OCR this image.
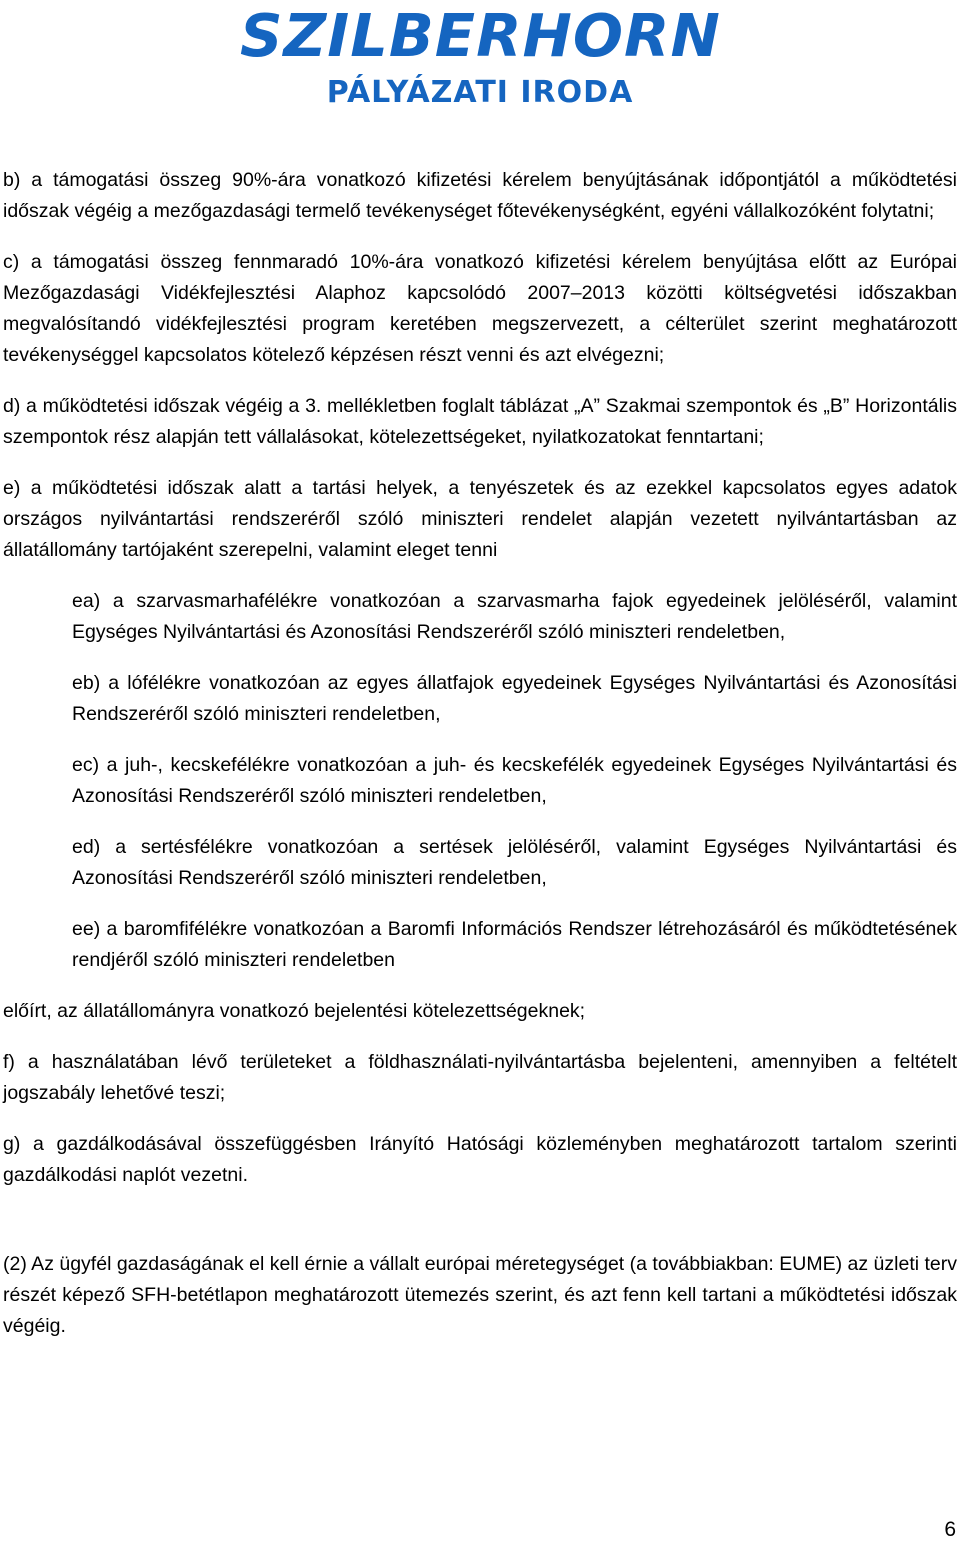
SZILBERHORN
PÁLYÁZATI IRODA

b) a támogatási összeg 90%-ára vonatkozó kifizetési kérelem benyújtásának időpontjától a működtetési időszak végéig a mezőgazdasági termelő tevékenységet főtevékenységként, egyéni vállalkozóként folytatni;

c) a támogatási összeg fennmaradó 10%-ára vonatkozó kifizetési kérelem benyújtása előtt az Európai Mezőgazdasági Vidékfejlesztési Alaphoz kapcsolódó 2007–2013 közötti költségvetési időszakban megvalósítandó vidékfejlesztési program keretében megszervezett, a célterület szerint meghatározott tevékenységgel kapcsolatos kötelező képzésen részt venni és azt elvégezni;

d) a működtetési időszak végéig a 3. mellékletben foglalt táblázat „A” Szakmai szempontok és „B” Horizontális szempontok rész alapján tett vállalásokat, kötelezettségeket, nyilatkozatokat fenntartani;

e) a működtetési időszak alatt a tartási helyek, a tenyészetek és az ezekkel kapcsolatos egyes adatok országos nyilvántartási rendszeréről szóló miniszteri rendelet alapján vezetett nyilvántartásban az állatállomány tartójaként szerepelni, valamint eleget tenni

ea) a szarvasmarhafélékre vonatkozóan a szarvasmarha fajok egyedeinek jelöléséről, valamint Egységes Nyilvántartási és Azonosítási Rendszeréről szóló miniszteri rendeletben,

eb) a lófélékre vonatkozóan az egyes állatfajok egyedeinek Egységes Nyilvántartási és Azonosítási Rendszeréről szóló miniszteri rendeletben,

ec) a juh-, kecskefélékre vonatkozóan a juh- és kecskefélék egyedeinek Egységes Nyilvántartási és Azonosítási Rendszeréről szóló miniszteri rendeletben,

ed) a sertésfélékre vonatkozóan a sertések jelöléséről, valamint Egységes Nyilvántartási és Azonosítási Rendszeréről szóló miniszteri rendeletben,

ee) a baromfifélékre vonatkozóan a Baromfi Információs Rendszer létrehozásáról és működtetésének rendjéről szóló miniszteri rendeletben

előírt, az állatállományra vonatkozó bejelentési kötelezettségeknek;

f) a használatában lévő területeket a földhasználati-nyilvántartásba bejelenteni, amennyiben a feltételt jogszabály lehetővé teszi;

g) a gazdálkodásával összefüggésben Irányító Hatósági közleményben meghatározott tartalom szerinti gazdálkodási naplót vezetni.

(2) Az ügyfél gazdaságának el kell érnie a vállalt európai méretegységet (a továbbiakban: EUME) az üzleti terv részét képező SFH-betétlapon meghatározott ütemezés szerint, és azt fenn kell tartani a működtetési időszak végéig.

6
